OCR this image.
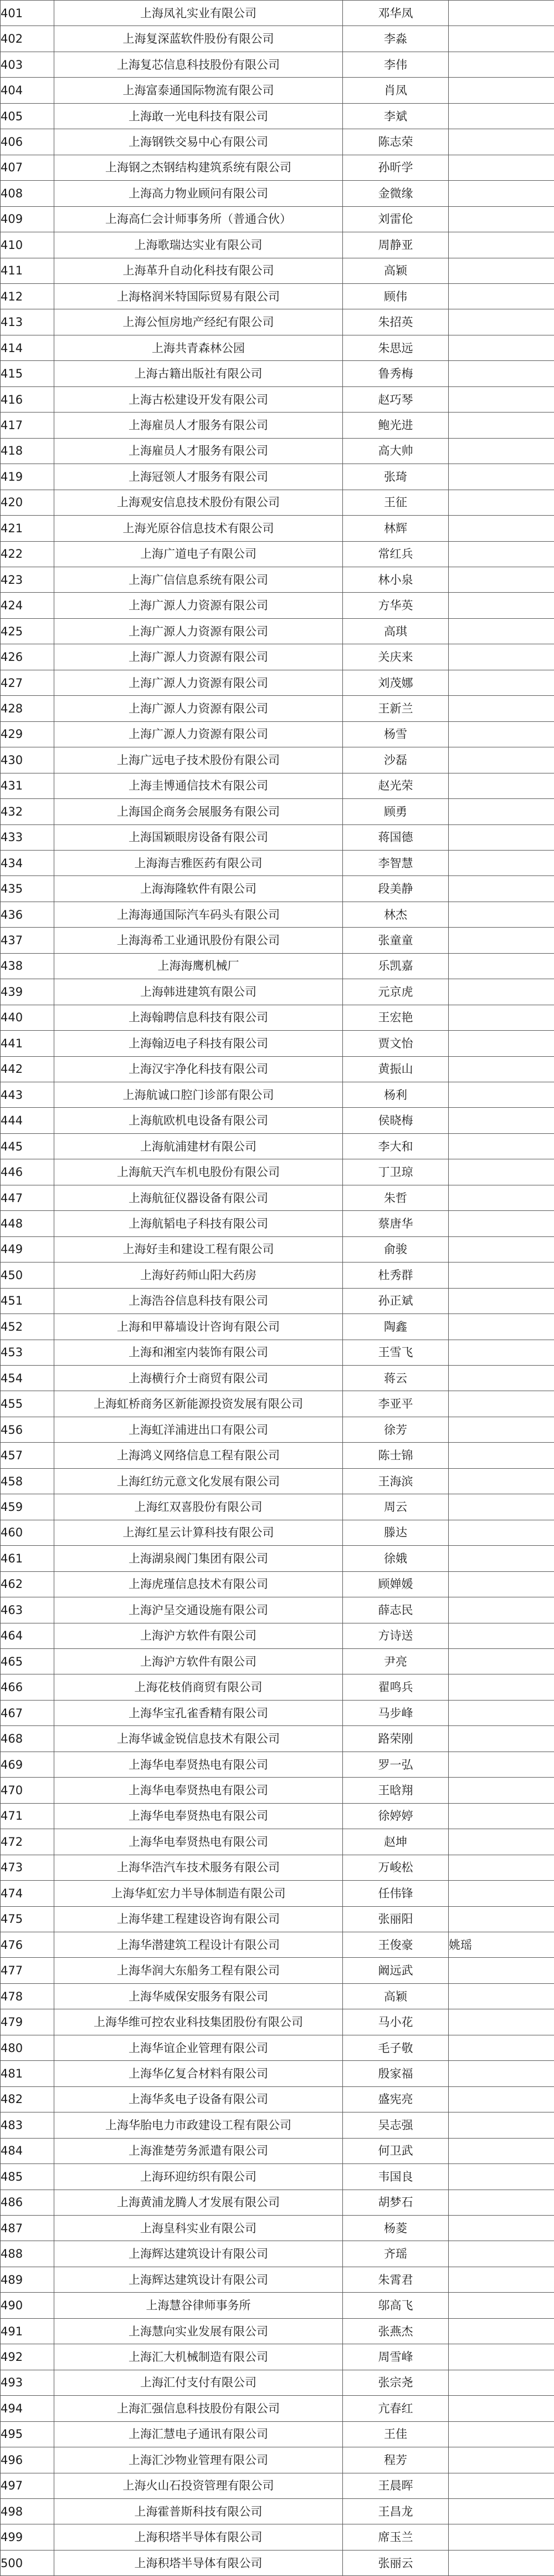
401	上海凤礼实业有限公司	邓华凤	
402	上海复深蓝软件股份有限公司	李淼	
403	上海复芯信息科技股份有限公司	李伟	
404	上海富泰通国际物流有限公司	肖凤	
405	上海敢一光电科技有限公司	李斌	
406	上海钢铁交易中心有限公司	陈志荣	
407	上海钢之杰钢结构建筑系统有限公司	孙昕学	
408	上海高力物业顾问有限公司	金微缘	
409	上海高仁会计师事务所（普通合伙）	刘雷伦	
410	上海歌瑞达实业有限公司	周静亚	
411	上海革升自动化科技有限公司	高颖	
412	上海格润米特国际贸易有限公司	顾伟	
413	上海公恒房地产经纪有限公司	朱招英	
414	上海共青森林公园	朱思远	
415	上海古籍出版社有限公司	鲁秀梅	
416	上海古松建设开发有限公司	赵巧琴	
417	上海雇员人才服务有限公司	鲍光进	
418	上海雇员人才服务有限公司	高大帅	
419	上海冠领人才服务有限公司	张琦	
420	上海观安信息技术股份有限公司	王征	
421	上海光原谷信息技术有限公司	林辉	
422	上海广道电子有限公司	常红兵	
423	上海广信信息系统有限公司	林小泉	
424	上海广源人力资源有限公司	方华英	
425	上海广源人力资源有限公司	高琪	
426	上海广源人力资源有限公司	关庆来	
427	上海广源人力资源有限公司	刘茂娜	
428	上海广源人力资源有限公司	王新兰	
429	上海广源人力资源有限公司	杨雪	
430	上海广远电子技术股份有限公司	沙磊	
431	上海圭博通信技术有限公司	赵光荣	
432	上海国企商务会展服务有限公司	顾勇	
433	上海国颖眼房设备有限公司	蒋国德	
434	上海海吉雅医药有限公司	李智慧	
435	上海海隆软件有限公司	段美静	
436	上海海通国际汽车码头有限公司	林杰	
437	上海海希工业通讯股份有限公司	张童童	
438	上海海鹰机械厂	乐凯嘉	
439	上海韩进建筑有限公司	元京虎	
440	上海翰聘信息科技有限公司	王宏艳	
441	上海翰迈电子科技有限公司	贾文怡	
442	上海汉宇净化科技有限公司	黄振山	
443	上海航诚口腔门诊部有限公司	杨利	
444	上海航欧机电设备有限公司	侯晓梅	
445	上海航浦建材有限公司	李大和	
446	上海航天汽车机电股份有限公司	丁卫琼	
447	上海航征仪器设备有限公司	朱哲	
448	上海航韬电子科技有限公司	蔡唐华	
449	上海好圭和建设工程有限公司	俞骏	
450	上海好药师山阳大药房	杜秀群	
451	上海浩谷信息科技有限公司	孙正斌	
452	上海和甲幕墙设计咨询有限公司	陶鑫	
453	上海和湘室内装饰有限公司	王雪飞	
454	上海横行介士商贸有限公司	蒋云	
455	上海虹桥商务区新能源投资发展有限公司	李亚平	
456	上海虹洋浦进出口有限公司	徐芳	
457	上海鸿义网络信息工程有限公司	陈士锦	
458	上海红纺元意文化发展有限公司	王海滨	
459	上海红双喜股份有限公司	周云	
460	上海红星云计算科技有限公司	滕达	
461	上海湖泉阀门集团有限公司	徐娥	
462	上海虎瑾信息技术有限公司	顾婵媛	
463	上海沪呈交通设施有限公司	薛志民	
464	上海沪方软件有限公司	方诗送	
465	上海沪方软件有限公司	尹亮	
466	上海花枝俏商贸有限公司	翟鸣兵	
467	上海华宝孔雀香精有限公司	马步峰	
468	上海华诚金锐信息技术有限公司	路荣刚	
469	上海华电奉贤热电有限公司	罗一弘	
470	上海华电奉贤热电有限公司	王晗翔	
471	上海华电奉贤热电有限公司	徐婷婷	
472	上海华电奉贤热电有限公司	赵坤	
473	上海华浩汽车技术服务有限公司	万峻松	
474	上海华虹宏力半导体制造有限公司	任伟锋	
475	上海华建工程建设咨询有限公司	张丽阳	
476	上海华潜建筑工程设计有限公司	王俊豪	姚瑶
477	上海华润大东船务工程有限公司	阚远武	
478	上海华威保安服务有限公司	高颖	
479	上海华维可控农业科技集团股份有限公司	马小花	
480	上海华谊企业管理有限公司	毛子敬	
481	上海华亿复合材料有限公司	殷家福	
482	上海华炙电子设备有限公司	盛宪亮	
483	上海华胎电力市政建设工程有限公司	吴志强	
484	上海淮楚劳务派遣有限公司	何卫武	
485	上海环迎纺织有限公司	韦国良	
486	上海黄浦龙腾人才发展有限公司	胡梦石	
487	上海皇科实业有限公司	杨菱	
488	上海辉达建筑设计有限公司	齐瑶	
489	上海辉达建筑设计有限公司	朱霄君	
490	上海慧谷律师事务所	邬高飞	
491	上海慧向实业发展有限公司	张燕杰	
492	上海汇大机械制造有限公司	周雪峰	
493	上海汇付支付有限公司	张宗尧	
494	上海汇强信息科技股份有限公司	亢春红	
495	上海汇慧电子通讯有限公司	王佳	
496	上海汇沙物业管理有限公司	程芳	
497	上海火山石投资管理有限公司	王晨晖	
498	上海霍普斯科技有限公司	王昌龙	
499	上海积塔半导体有限公司	席玉兰	
500	上海积塔半导体有限公司	张丽云	
